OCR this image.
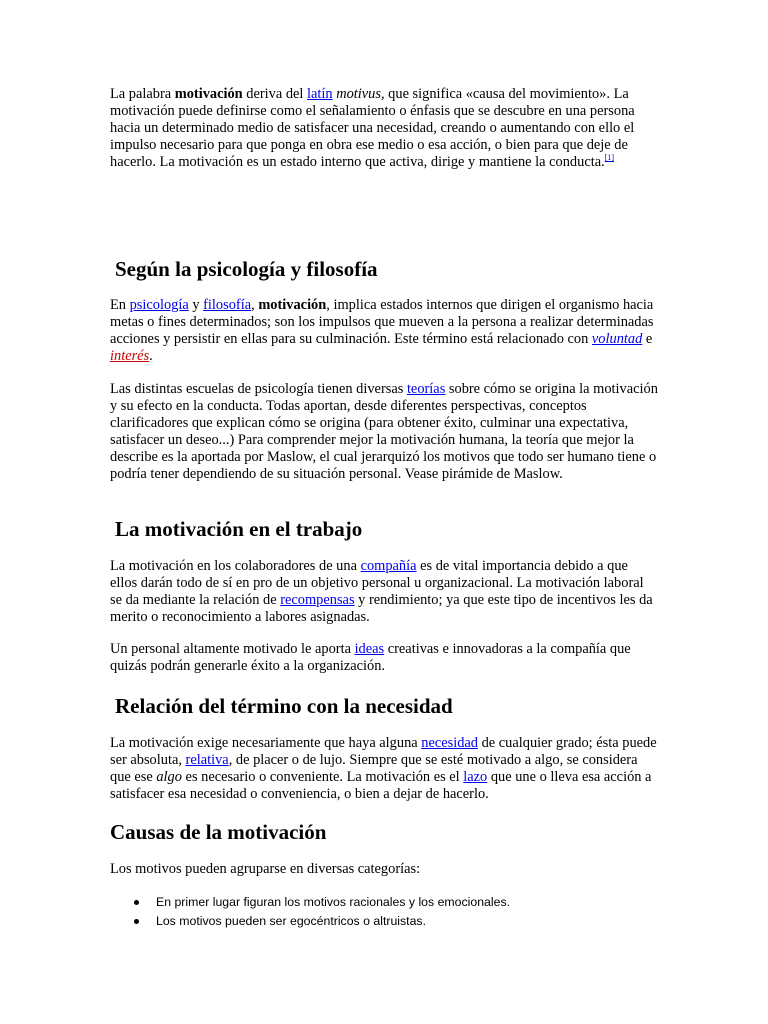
La palabra motivación deriva del latín motivus, que significa «causa del movimiento». La motivación puede definirse como el señalamiento o énfasis que se descubre en una persona hacia un determinado medio de satisfacer una necesidad, creando o aumentando con ello el impulso necesario para que ponga en obra ese medio o esa acción, o bien para que deje de hacerlo. La motivación es un estado interno que activa, dirige y mantiene la conducta.[1]

Según la psicología y filosofía

En psicología y filosofía, motivación, implica estados internos que dirigen el organismo hacia metas o fines determinados; son los impulsos que mueven a la persona a realizar determinadas acciones y persistir en ellas para su culminación. Este término está relacionado con voluntad e interés.

Las distintas escuelas de psicología tienen diversas teorías sobre cómo se origina la motivación y su efecto en la conducta. Todas aportan, desde diferentes perspectivas, conceptos clarificadores que explican cómo se origina (para obtener éxito, culminar una expectativa, satisfacer un deseo...) Para comprender mejor la motivación humana, la teoría que mejor la describe es la aportada por Maslow, el cual jerarquizó los motivos que todo ser humano tiene o podría tener dependiendo de su situación personal. Vease pirámide de Maslow.

La motivación en el trabajo

La motivación en los colaboradores de una compañía es de vital importancia debido a que ellos darán todo de sí en pro de un objetivo personal u organizacional. La motivación laboral se da mediante la relación de recompensas y rendimiento; ya que este tipo de incentivos les da merito o reconocimiento a labores asignadas.

Un personal altamente motivado le aporta ideas creativas e innovadoras a la compañía que quizás podrán generarle éxito a la organización.

Relación del término con la necesidad

La motivación exige necesariamente que haya alguna necesidad de cualquier grado; ésta puede ser absoluta, relativa, de placer o de lujo. Siempre que se esté motivado a algo, se considera que ese algo es necesario o conveniente. La motivación es el lazo que une o lleva esa acción a satisfacer esa necesidad o conveniencia, o bien a dejar de hacerlo.

Causas de la motivación

Los motivos pueden agruparse en diversas categorías:

En primer lugar figuran los motivos racionales y los emocionales.
Los motivos pueden ser egocéntricos o altruistas.
